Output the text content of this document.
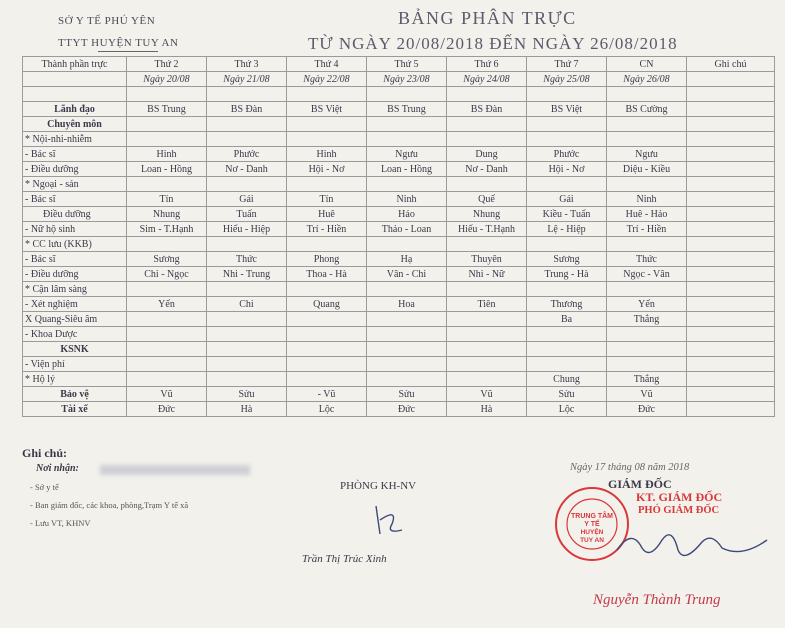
SỞ Y TẾ PHÚ YÊN
TTYT HUYỆN TUY AN
BẢNG PHÂN TRỰC
TỪ NGÀY 20/08/2018 ĐẾN NGÀY 26/08/2018
Thành phần trực	Thứ 2	Thứ 3	Thứ 4	Thứ 5	Thứ 6	Thứ 7	CN	Ghi chú
	Ngày 20/08	Ngày 21/08	Ngày 22/08	Ngày 23/08	Ngày 24/08	Ngày 25/08	Ngày 26/08	

Lãnh đạo	BS Trung	BS Đàn	BS Việt	BS Trung	BS Đàn	BS Việt	BS Cường	
Chuyên môn								
* Nội-nhi-nhiễm								
- Bác sĩ	Hinh	Phước	Hinh	Ngưu	Dung	Phước	Ngưu	
- Điều dưỡng	Loan - Hồng	Nơ - Danh	Hội - Nơ	Loan - Hồng	Nơ - Danh	Hội - Nơ	Diệu - Kiều	
* Ngoại - sản								
- Bác sĩ	Tín	Gái	Tín	Ninh	Quế	Gái	Ninh	
Điều dưỡng	Nhung	Tuấn	Huê	Hảo	Nhung	Kiều - Tuấn	Huê - Hảo	
- Nữ hộ sinh	Sim - T.Hạnh	Hiếu - Hiệp	Trí - Hiền	Thảo - Loan	Hiếu - T.Hạnh	Lệ - Hiệp	Trí - Hiền	
* CC lưu (KKB)								
- Bác sĩ	Sương	Thức	Phong	Hạ	Thuyên	Sương	Thức	
- Điều dưỡng	Chi - Ngọc	Nhi - Trung	Thoa - Hà	Vân - Chi	Nhi - Nữ	Trung - Hà	Ngọc - Vân	
* Cận lâm sàng								
- Xét nghiệm	Yến	Chi	Quang	Hoa	Tiên	Thương	Yến	
X Quang-Siêu âm						Ba	Thắng	
- Khoa Dược								
KSNK								
- Viện phí								
* Hộ lý						Chung	Thắng	
Bảo vệ	Vũ	Sửu	- Vũ	Sửu	Vũ	Sửu	Vũ	
Tài xế	Đức	Hà	Lộc	Đức	Hà	Lộc	Đức	
Ghi chú:
Nơi nhận:
- Sở y tế
- Ban giám đốc, các khoa, phòng,Trạm Y tế xã
- Lưu VT, KHNV
PHÒNG KH-NV
Trần Thị Trúc Xinh
Ngày 17 tháng 08 năm 2018
GIÁM ĐỐC
TRUNG TÂM
Y TẾ
HUYỆN
TUY AN
KT. GIÁM ĐỐC
PHÓ GIÁM ĐỐC
Nguyễn Thành Trung
